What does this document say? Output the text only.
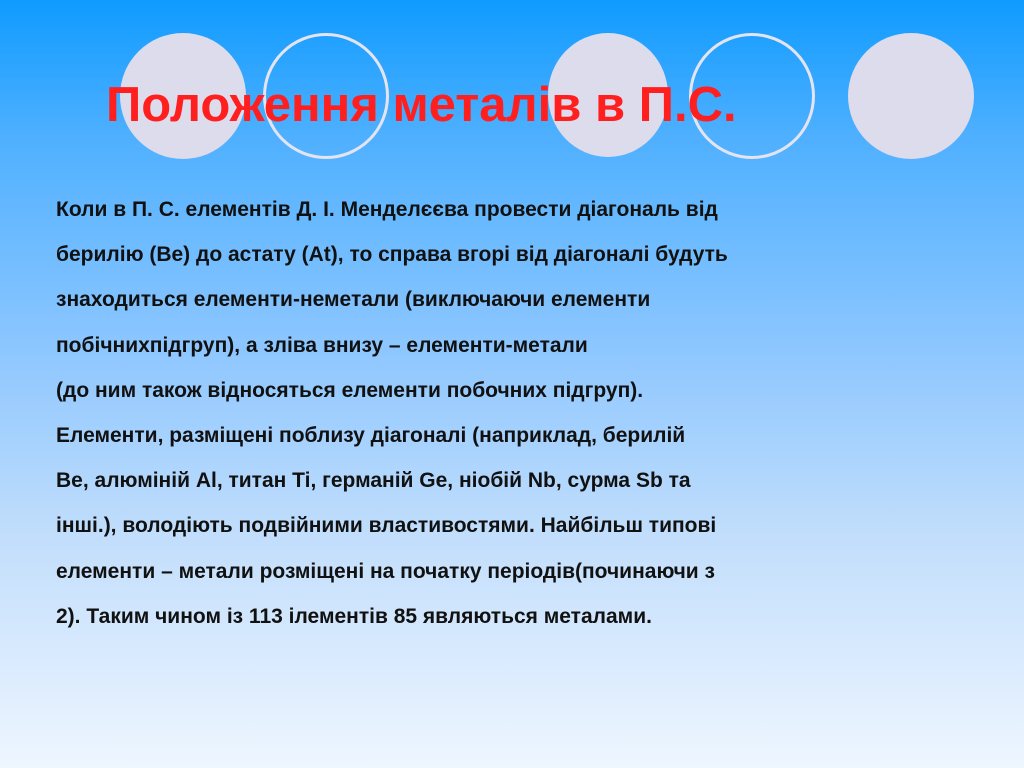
Положення металів в П.С.
Коли в П. С. елементів Д. І. Менделєєва провести діагональ від
берилію (Ве) до астату (At), то справа вгорі від діагоналі будуть
знаходиться елементи-неметали (виключаючи елементи
побічнихпідгруп), а зліва внизу – елементи-метали
(до ним також відносяться елементи побочних підгруп).
Елементи, разміщені поблизу діагоналі (наприклад, берилій
Be, алюміній Al, титан Ti, германій Ge, ніобій Nb, сурма Sb та
інші.), володіють подвійними властивостями. Найбільш типові
елементи – метали розміщені на початку періодів(починаючи з
2). Таким чином із 113 ілементів 85 являються металами.
